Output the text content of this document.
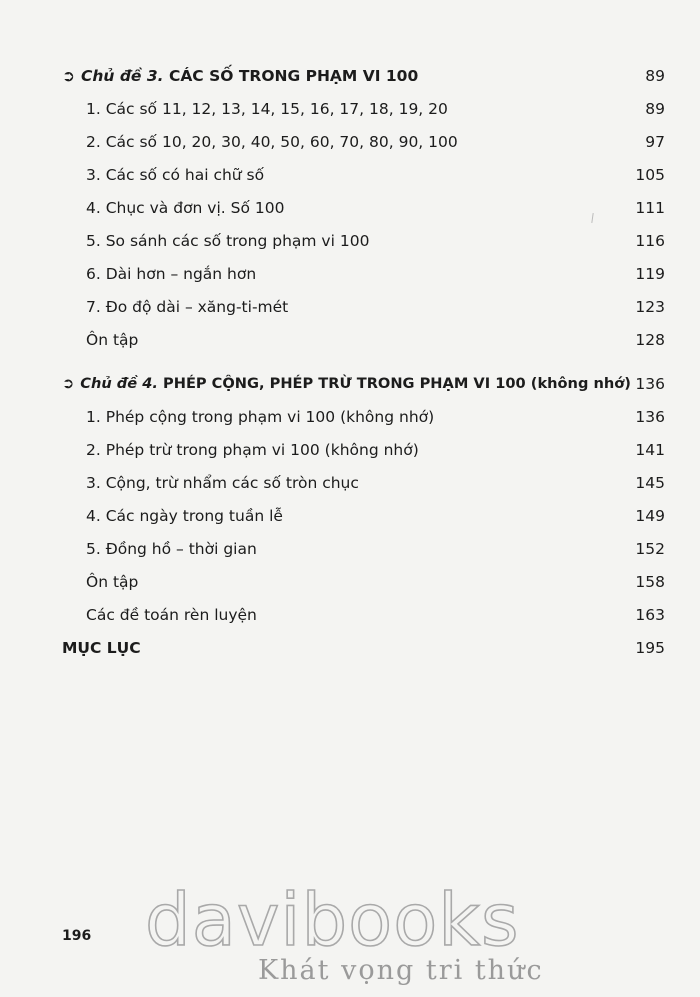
➲ Chủ đề 3. CÁC SỐ TRONG PHẠM VI 100	89
1. Các số 11, 12, 13, 14, 15, 16, 17, 18, 19, 20	89
2. Các số 10, 20, 30, 40, 50, 60, 70, 80, 90, 100	97
3. Các số có hai chữ số	105
4. Chục và đơn vị. Số 100	111
5. So sánh các số trong phạm vi 100	116
6. Dài hơn – ngắn hơn	119
7. Đo độ dài – xăng-ti-mét	123
Ôn tập	128
➲ Chủ đề 4. PHÉP CỘNG, PHÉP TRỪ TRONG PHẠM VI 100 (không nhớ) 136
1. Phép cộng trong phạm vi 100 (không nhớ)	136
2. Phép trừ trong phạm vi 100 (không nhớ)	141
3. Cộng, trừ nhẩm các số tròn chục	145
4. Các ngày trong tuần lễ	149
5. Đồng hồ – thời gian	152
Ôn tập	158
Các đề toán rèn luyện	163
MỤC LỤC	195
196 davibooks
Khát vọng tri thức
